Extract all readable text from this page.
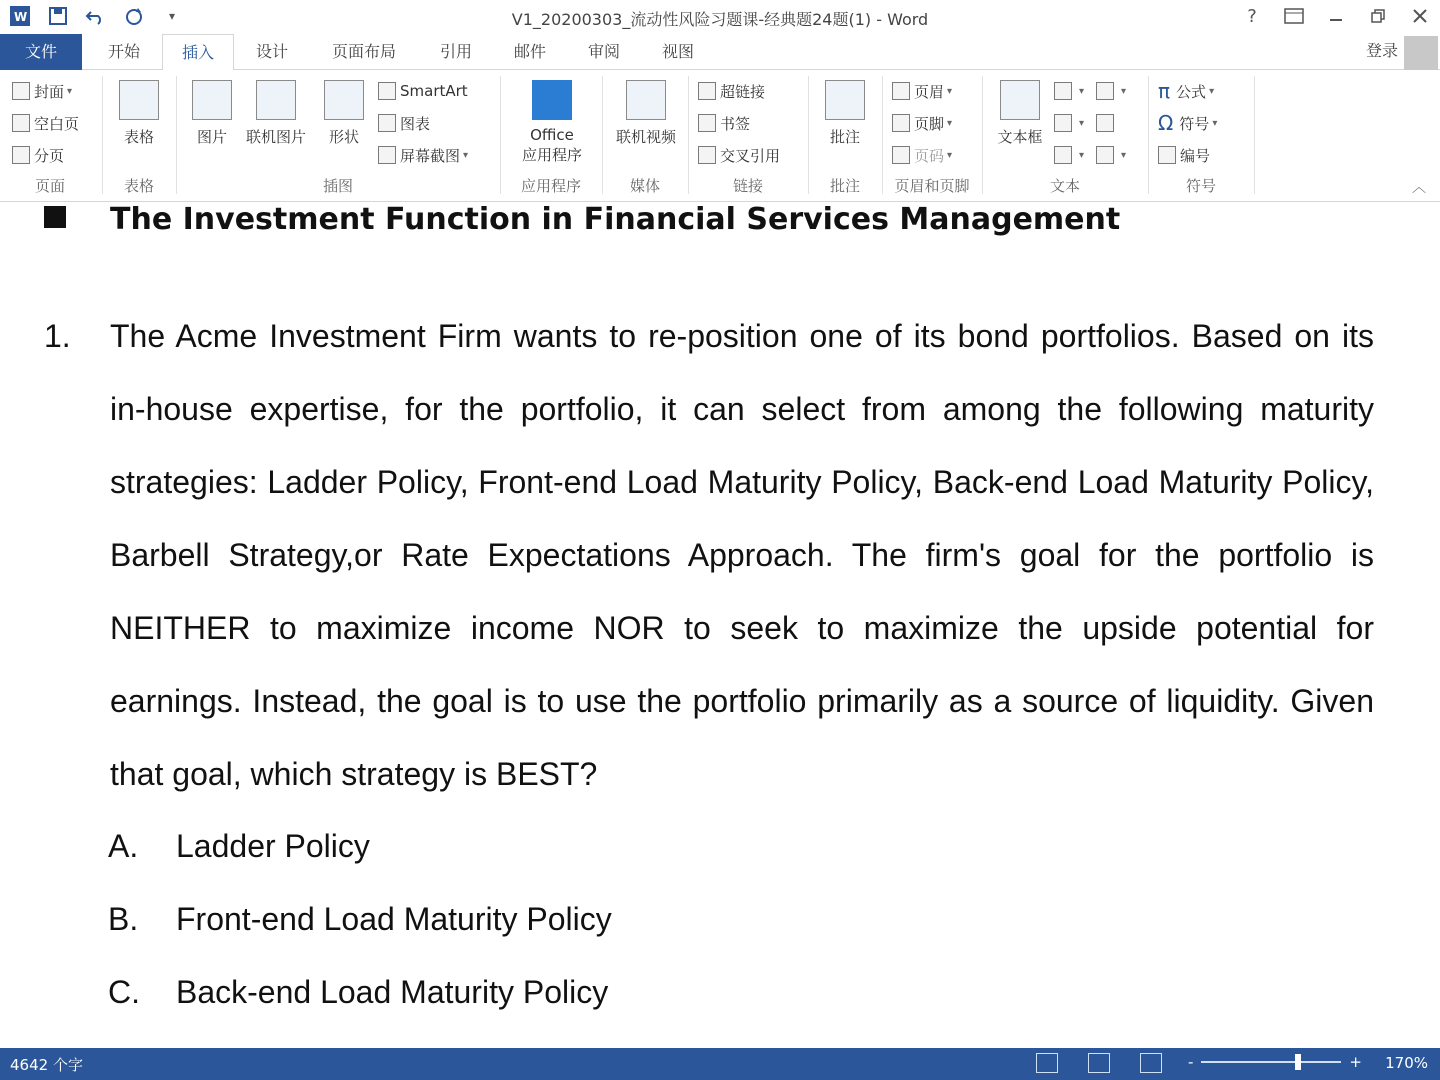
W	▾	V1_20200303_流动性风险习题课-经典题24题(1) - Word	?
文件	开始	插入	设计	页面布局	引用	邮件	审阅	视图	登录
封面 ▾
空白页
分页
页面
表格
表格
图片	联机图片	形状
SmartArt
图表
屏幕截图 ▾
插图
Office
应用程序
应用程序
联机视频
媒体
超链接
书签
交叉引用
链接
批注
批注
页眉 ▾
页脚 ▾
页码 ▾
页眉和页脚
文本框
▾
▾
▾
▾
▾
文本
π 公式 ▾
Ω 符号 ▾
编号
符号	︿
The Investment Function in Financial Services Management
1. The Acme Investment Firm wants to re-position one of its bond portfolios. Based on its in-house expertise, for the portfolio, it can select from among the following maturity strategies: Ladder Policy, Front-end Load Maturity Policy, Back-end Load Maturity Policy, Barbell Strategy,or Rate Expectations Approach. The firm's goal for the portfolio is NEITHER to maximize income NOR to seek to maximize the upside potential for earnings. Instead, the goal is to use the portfolio primarily as a source of liquidity. Given that goal, which strategy is BEST?
A. Ladder Policy
B. Front-end Load Maturity Policy
C. Back-end Load Maturity Policy
4642 个字	-	+ 170%
